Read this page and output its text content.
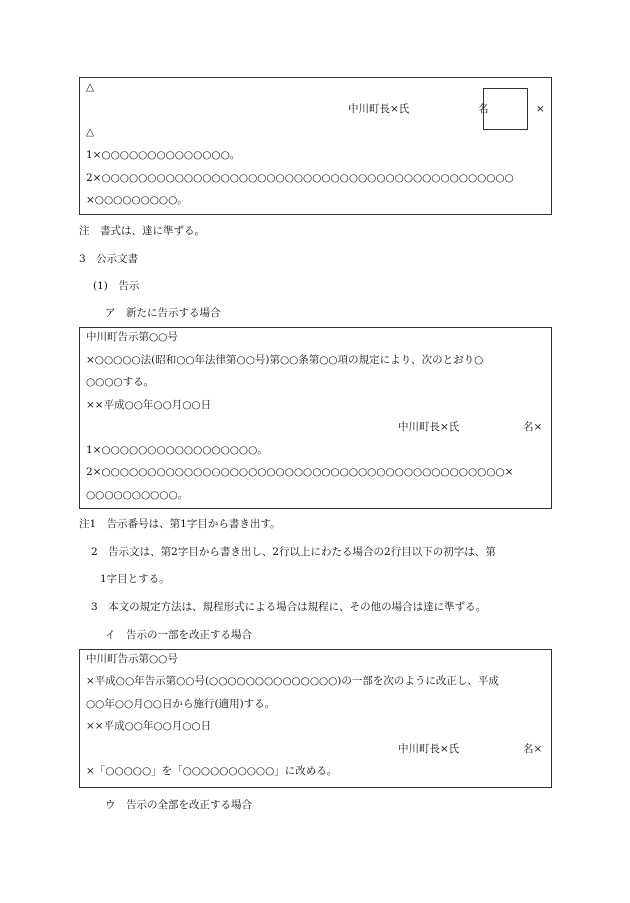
△
中川町長×氏	名	×
△
1×○○○○○○○○○○○○○○。
2×○○○○○○○○○○○○○○○○○○○○○○○○○○○○○○○○○○○○○○○○○○○○○
×○○○○○○○○○。
注　書式は、達に準ずる。
3　公示文書
(1)　告示
ア　新たに告示する場合
中川町告示第○○号
×○○○○○法(昭和○○年法律第○○号)第○○条第○○項の規定により、次のとおり○
○○○○する。
××平成○○年○○月○○日
中川町長×氏	名×
1×○○○○○○○○○○○○○○○○○。
2×○○○○○○○○○○○○○○○○○○○○○○○○○○○○○○○○○○○○○○○○○○○○×
○○○○○○○○○○。
注1　告示番号は、第1字目から書き出す。
2　告示文は、第2字目から書き出し、2行以上にわたる場合の2行目以下の初字は、第
1字目とする。
3　本文の規定方法は、規程形式による場合は規程に、その他の場合は達に準ずる。
イ　告示の一部を改正する場合
中川町告示第○○号
×平成○○年告示第○○号(○○○○○○○○○○○○○○)の一部を次のように改正し、平成
○○年○○月○○日から施行(適用)する。
××平成○○年○○月○○日
中川町長×氏	名×
×「○○○○○」を「○○○○○○○○○○」に改める。
ウ　告示の全部を改正する場合
